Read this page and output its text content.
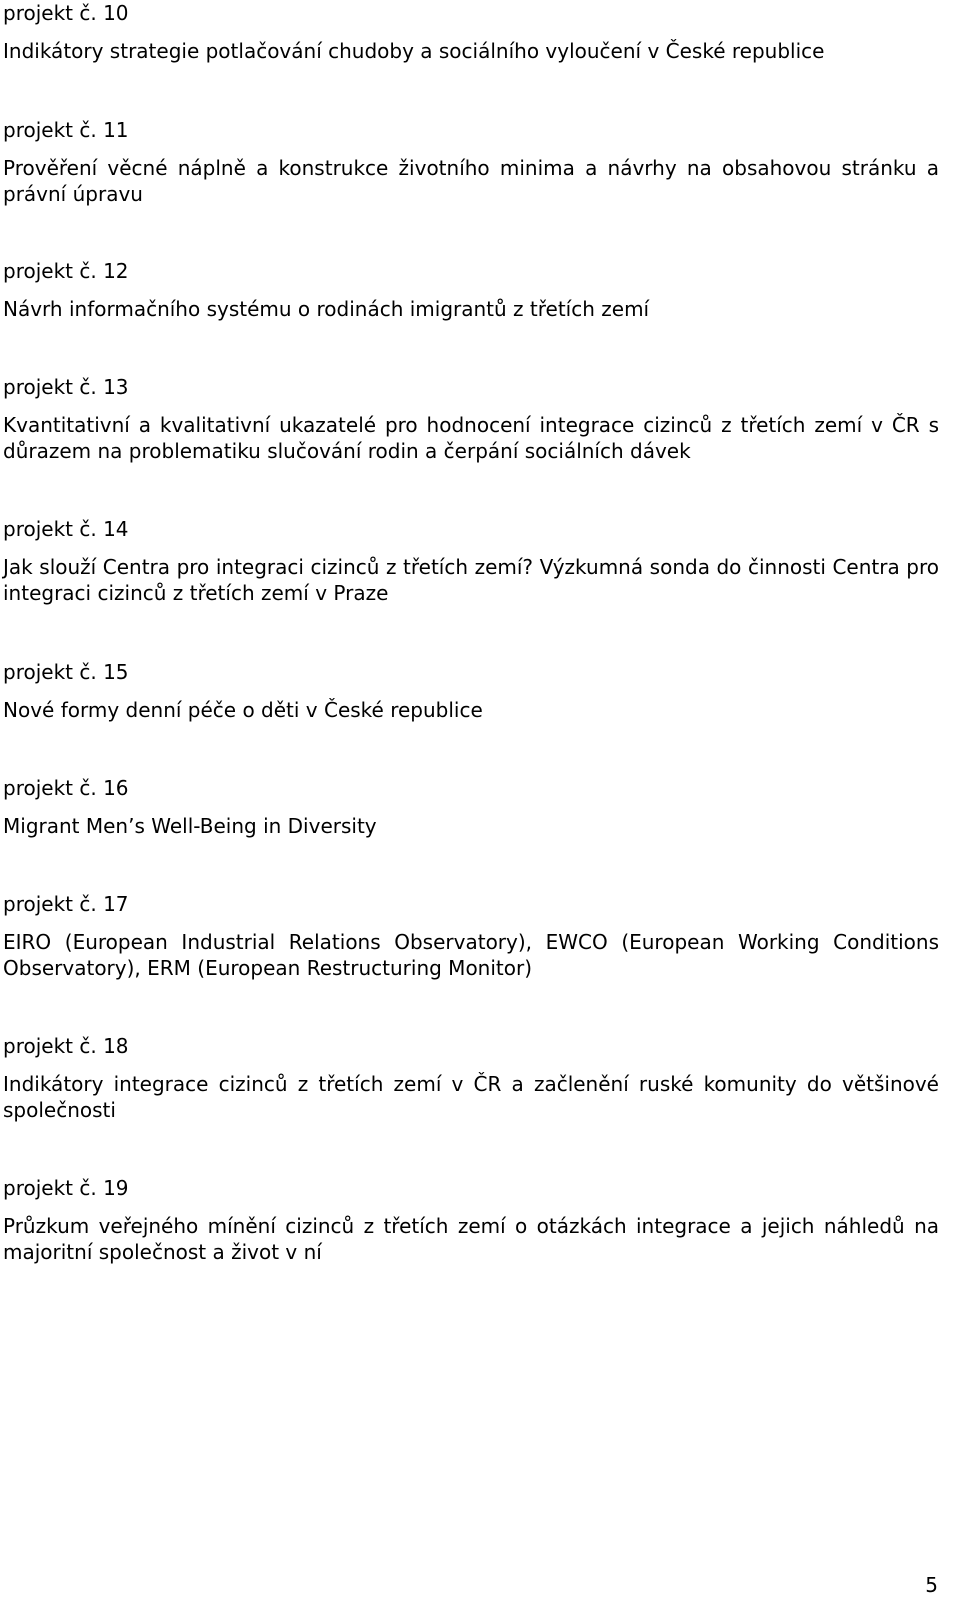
projekt č. 10
Indikátory strategie potlačování chudoby a sociálního vyloučení v České republice
projekt č. 11
Prověření věcné náplně a konstrukce životního minima a návrhy na obsahovou stránku a právní úpravu
projekt č. 12
Návrh informačního systému o rodinách imigrantů z třetích zemí
projekt č. 13
Kvantitativní a kvalitativní ukazatelé pro hodnocení integrace cizinců z třetích zemí v ČR s důrazem na problematiku slučování rodin a čerpání sociálních dávek
projekt č. 14
Jak slouží Centra pro integraci cizinců z třetích zemí? Výzkumná sonda do činnosti Centra pro integraci cizinců z třetích zemí v Praze
projekt č. 15
Nové formy denní péče o děti v České republice
projekt č. 16
Migrant Men’s Well-Being in Diversity
projekt č. 17
EIRO (European Industrial Relations Observatory), EWCO (European Working Conditions Observatory), ERM (European Restructuring Monitor)
projekt č. 18
Indikátory integrace cizinců z třetích zemí v ČR a začlenění ruské komunity do většinové společnosti
projekt č. 19
Průzkum veřejného mínění cizinců z třetích zemí o otázkách integrace a jejich náhledů na majoritní společnost a život v ní
5
